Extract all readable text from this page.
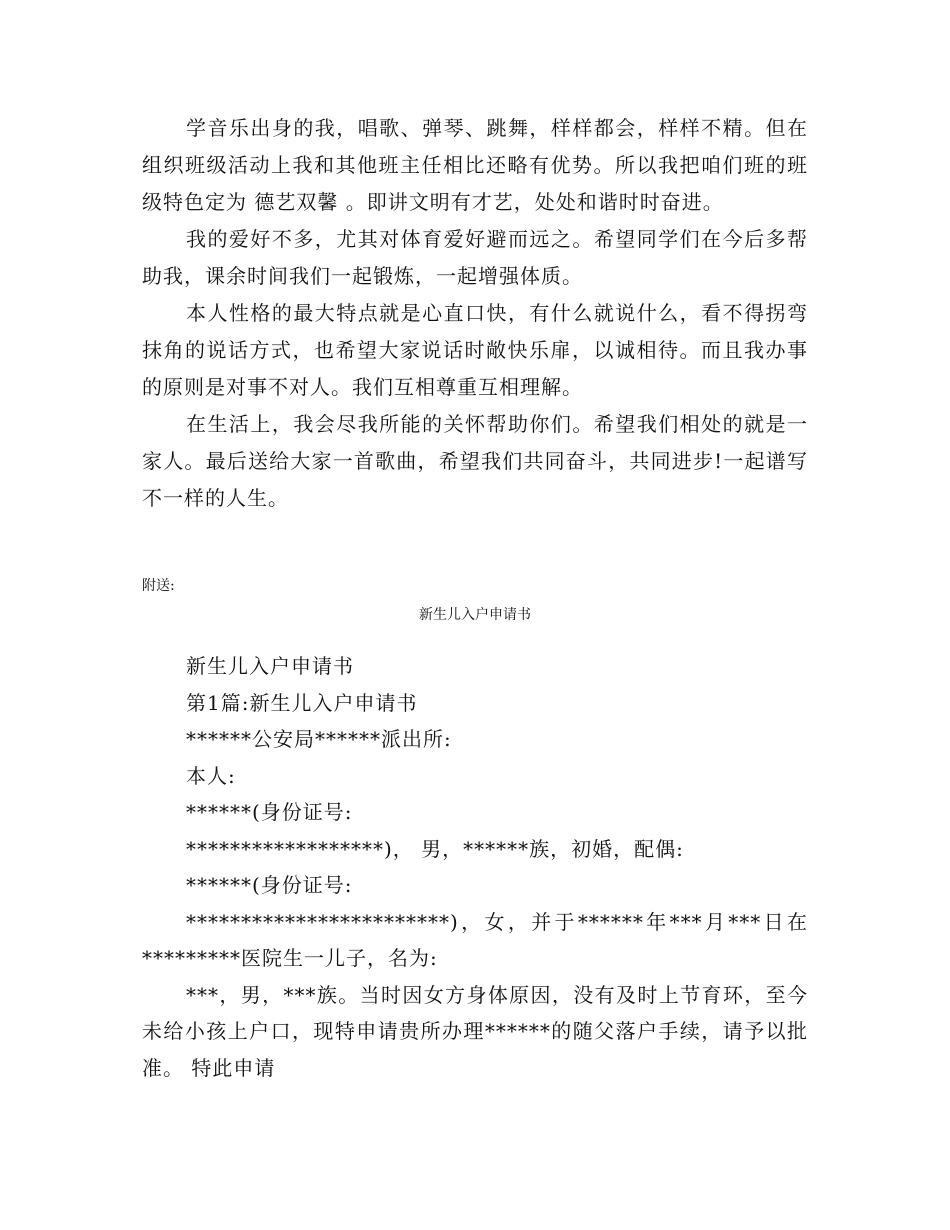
学音乐出身的我，唱歌、弹琴、跳舞，样样都会，样样不精。但在组织班级活动上我和其他班主任相比还略有优势。所以我把咱们班的班级特色定为 德艺双馨 。即讲文明有才艺，处处和谐时时奋进。

我的爱好不多，尤其对体育爱好避而远之。希望同学们在今后多帮助我，课余时间我们一起锻炼，一起增强体质。

本人性格的最大特点就是心直口快，有什么就说什么，看不得拐弯抹角的说话方式，也希望大家说话时敞快乐扉，以诚相待。而且我办事的原则是对事不对人。我们互相尊重互相理解。

在生活上，我会尽我所能的关怀帮助你们。希望我们相处的就是一家人。最后送给大家一首歌曲，希望我们共同奋斗，共同进步!一起谱写不一样的人生。

附送:
新生儿入户申请书

新生儿入户申请书

第1篇:新生儿入户申请书

******公安局******派出所:

本人:

******(身份证号:

******************)， 男，******族，初婚，配偶:

******(身份证号:

************************)，女，并于******年***月***日在*********医院生一儿子，名为:

***，男，***族。当时因女方身体原因，没有及时上节育环，至今未给小孩上户口，现特申请贵所办理******的随父落户手续，请予以批准。 特此申请
